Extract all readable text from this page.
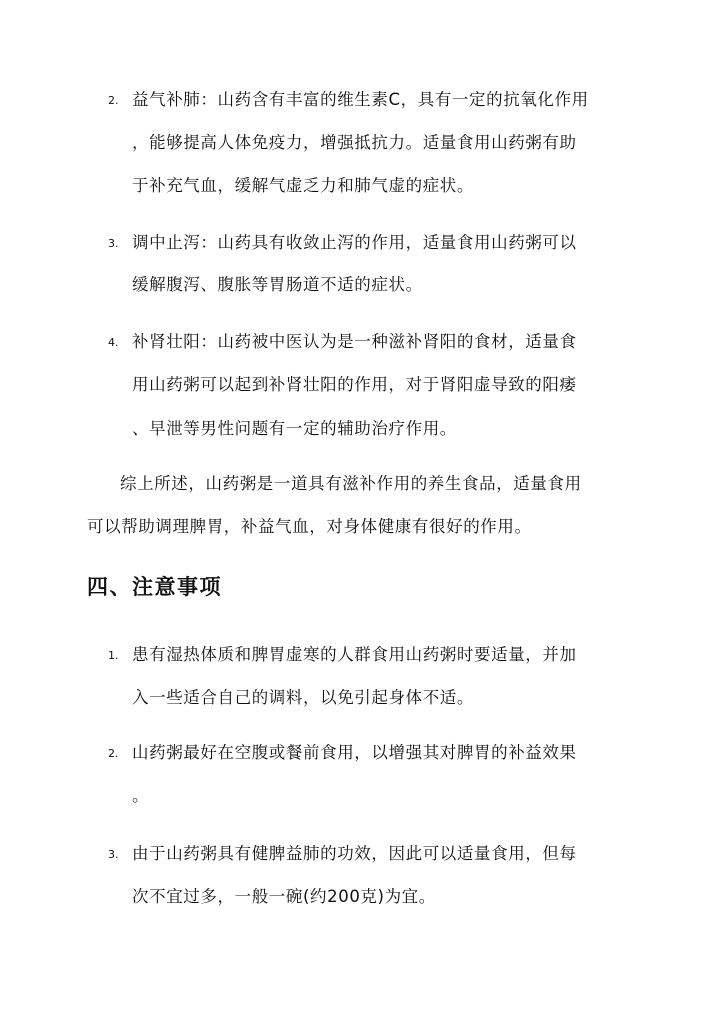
2. 益气补肺：山药含有丰富的维生素C，具有一定的抗氧化作用
，能够提高人体免疫力，增强抵抗力。适量食用山药粥有助
于补充气血，缓解气虚乏力和肺气虚的症状。
3. 调中止泻：山药具有收敛止泻的作用，适量食用山药粥可以
缓解腹泻、腹胀等胃肠道不适的症状。
4. 补肾壮阳：山药被中医认为是一种滋补肾阳的食材，适量食
用山药粥可以起到补肾壮阳的作用，对于肾阳虚导致的阳痿
、早泄等男性问题有一定的辅助治疗作用。
综上所述，山药粥是一道具有滋补作用的养生食品，适量食用
可以帮助调理脾胃，补益气血，对身体健康有很好的作用。
四、注意事项
1. 患有湿热体质和脾胃虚寒的人群食用山药粥时要适量，并加
入一些适合自己的调料，以免引起身体不适。
2. 山药粥最好在空腹或餐前食用，以增强其对脾胃的补益效果
。
3. 由于山药粥具有健脾益肺的功效，因此可以适量食用，但每
次不宜过多，一般一碗(约200克)为宜。
